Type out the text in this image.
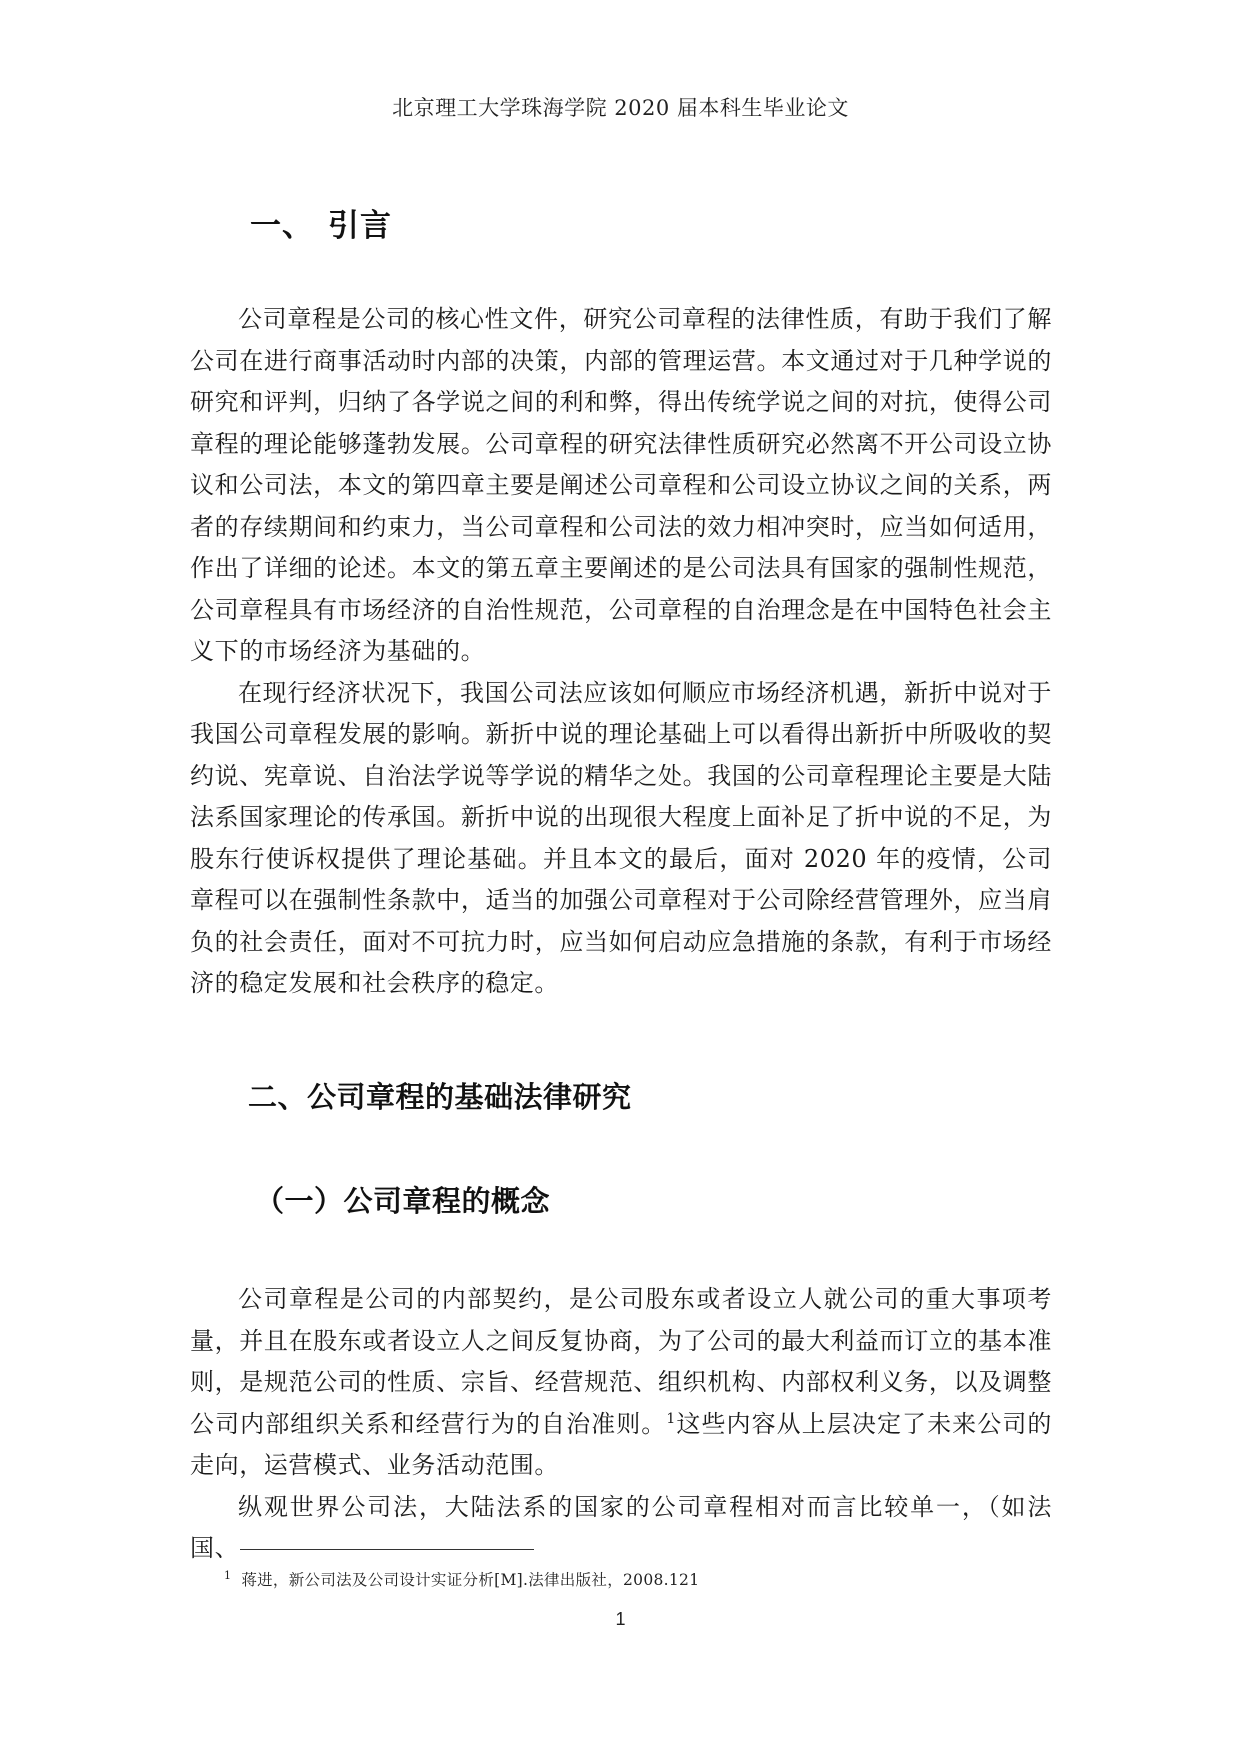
北京理工大学珠海学院 2020 届本科生毕业论文
一、 引言

公司章程是公司的核心性文件，研究公司章程的法律性质，有助于我们了解公司在进行商事活动时内部的决策，内部的管理运营。本文通过对于几种学说的研究和评判，归纳了各学说之间的利和弊，得出传统学说之间的对抗，使得公司章程的理论能够蓬勃发展。公司章程的研究法律性质研究必然离不开公司设立协议和公司法，本文的第四章主要是阐述公司章程和公司设立协议之间的关系，两者的存续期间和约束力，当公司章程和公司法的效力相冲突时，应当如何适用，作出了详细的论述。本文的第五章主要阐述的是公司法具有国家的强制性规范，公司章程具有市场经济的自治性规范，公司章程的自治理念是在中国特色社会主义下的市场经济为基础的。

在现行经济状况下，我国公司法应该如何顺应市场经济机遇，新折中说对于我国公司章程发展的影响。新折中说的理论基础上可以看得出新折中所吸收的契约说、宪章说、自治法学说等学说的精华之处。我国的公司章程理论主要是大陆法系国家理论的传承国。新折中说的出现很大程度上面补足了折中说的不足，为股东行使诉权提供了理论基础。并且本文的最后，面对 2020 年的疫情，公司章程可以在强制性条款中，适当的加强公司章程对于公司除经营管理外，应当肩负的社会责任，面对不可抗力时，应当如何启动应急措施的条款，有利于市场经济的稳定发展和社会秩序的稳定。

二、公司章程的基础法律研究
（一）公司章程的概念

公司章程是公司的内部契约，是公司股东或者设立人就公司的重大事项考量，并且在股东或者设立人之间反复协商，为了公司的最大利益而订立的基本准则，是规范公司的性质、宗旨、经营规范、组织机构、内部权利义务，以及调整公司内部组织关系和经营行为的自治准则。$^1$这些内容从上层决定了未来公司的走向，运营模式、业务活动范围。

纵观世界公司法，大陆法系的国家的公司章程相对而言比较单一，（如法国、

$^1$ 蒋进，新公司法及公司设计实证分析[M].法律出版社，2008.121
1
